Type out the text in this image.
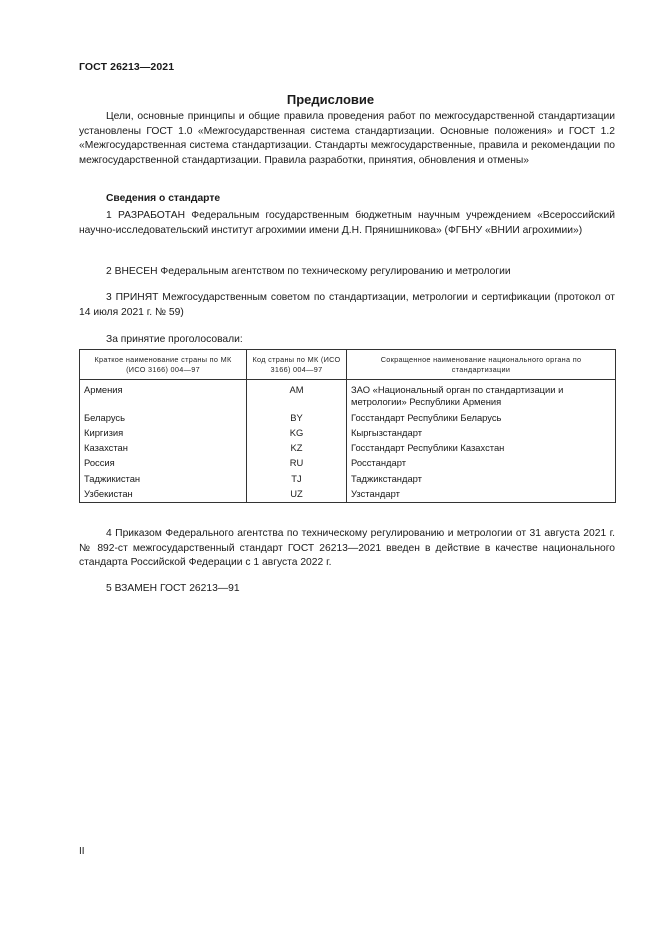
ГОСТ 26213—2021
Предисловие

Цели, основные принципы и общие правила проведения работ по межгосударственной стандартизации установлены ГОСТ 1.0 «Межгосударственная система стандартизации. Основные положения» и ГОСТ 1.2 «Межгосударственная система стандартизации. Стандарты межгосударственные, правила и рекомендации по межгосударственной стандартизации. Правила разработки, принятия, обновления и отмены»

Сведения о стандарте

1 РАЗРАБОТАН Федеральным государственным бюджетным научным учреждением «Всероссийский научно-исследовательский институт агрохимии имени Д.Н. Прянишникова» (ФГБНУ «ВНИИ агрохимии»)

2 ВНЕСЕН Федеральным агентством по техническому регулированию и метрологии

3 ПРИНЯТ Межгосударственным советом по стандартизации, метрологии и сертификации (протокол от 14 июля 2021 г. № 59)

За принятие проголосовали:
Краткое наименование страны по МК (ИСО 3166) 004—97	Код страны по МК (ИСО 3166) 004—97	Сокращенное наименование национального органа по стандартизации
Армения	AM	ЗАО «Национальный орган по стандартизации и метрологии» Республики Армения
Беларусь	BY	Госстандарт Республики Беларусь
Киргизия	KG	Кыргызстандарт
Казахстан	KZ	Госстандарт Республики Казахстан
Россия	RU	Росстандарт
Таджикистан	TJ	Таджикстандарт
Узбекистан	UZ	Узстандарт

4 Приказом Федерального агентства по техническому регулированию и метрологии от 31 августа 2021 г. № 892-ст межгосударственный стандарт ГОСТ 26213—2021 введен в действие в качестве национального стандарта Российской Федерации с 1 августа 2022 г.

5 ВЗАМЕН ГОСТ 26213—91

II
